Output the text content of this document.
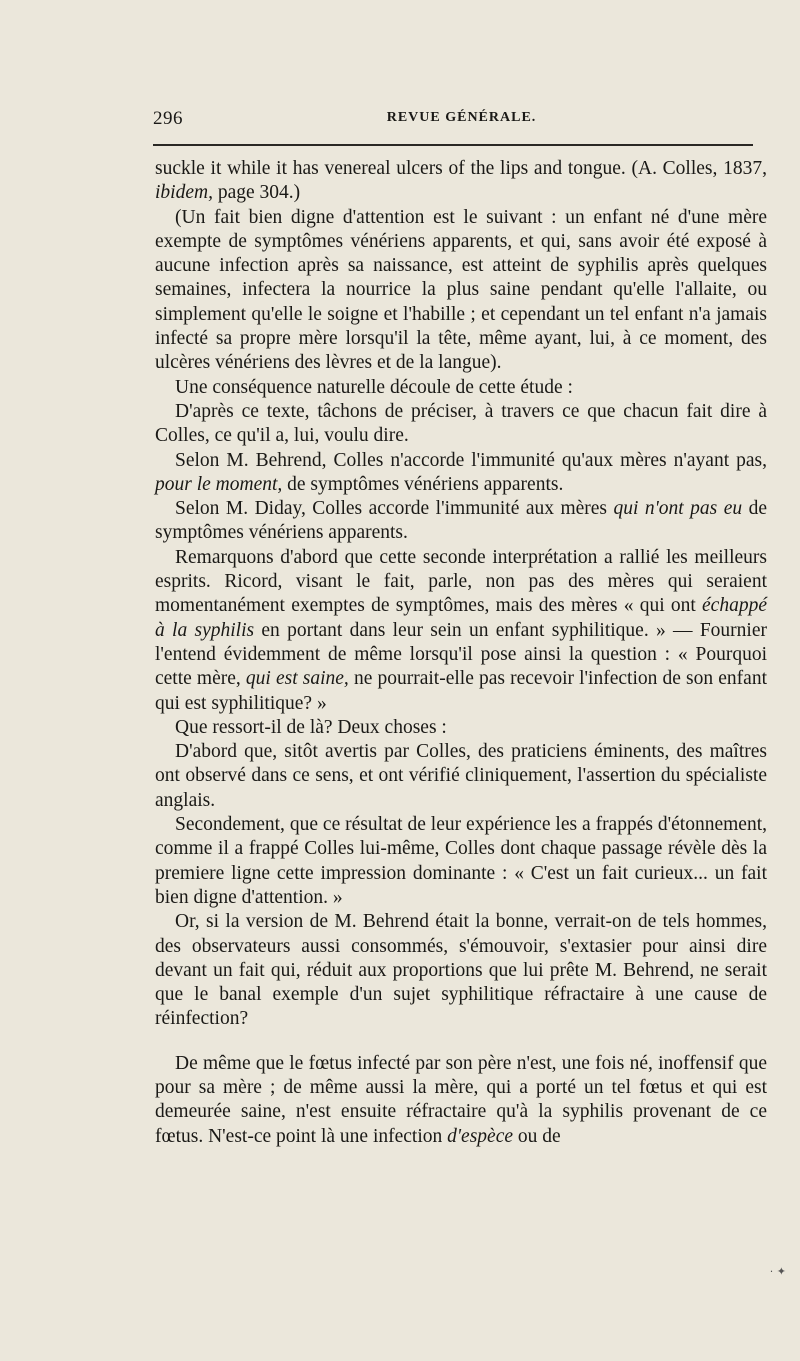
296	REVUE GÉNÉRALE.

suckle it while it has venereal ulcers of the lips and tongue. (A. Colles, 1837, ibidem, page 304.)

(Un fait bien digne d'attention est le suivant : un enfant né d'une mère exempte de symptômes vénériens apparents, et qui, sans avoir été exposé à aucune infection après sa naissance, est atteint de syphilis après quelques semaines, infectera la nourrice la plus saine pendant qu'elle l'allaite, ou simplement qu'elle le soigne et l'habille ; et cependant un tel enfant n'a jamais infecté sa propre mère lorsqu'il la tête, même ayant, lui, à ce moment, des ulcères vénériens des lèvres et de la langue).

Une conséquence naturelle découle de cette étude :

D'après ce texte, tâchons de préciser, à travers ce que chacun fait dire à Colles, ce qu'il a, lui, voulu dire.

Selon M. Behrend, Colles n'accorde l'immunité qu'aux mères n'ayant pas, pour le moment, de symptômes vénériens apparents.

Selon M. Diday, Colles accorde l'immunité aux mères qui n'ont pas eu de symptômes vénériens apparents.

Remarquons d'abord que cette seconde interprétation a rallié les meilleurs esprits. Ricord, visant le fait, parle, non pas des mères qui seraient momentanément exemptes de symptômes, mais des mères « qui ont échappé à la syphilis en portant dans leur sein un enfant syphilitique. » — Fournier l'entend évidemment de même lorsqu'il pose ainsi la question : « Pourquoi cette mère, qui est saine, ne pourrait-elle pas recevoir l'infection de son enfant qui est syphilitique? »

Que ressort-il de là? Deux choses :

D'abord que, sitôt avertis par Colles, des praticiens éminents, des maîtres ont observé dans ce sens, et ont vérifié cliniquement, l'assertion du spécialiste anglais.

Secondement, que ce résultat de leur expérience les a frappés d'étonnement, comme il a frappé Colles lui-même, Colles dont chaque passage révèle dès la premiere ligne cette impression dominante : « C'est un fait curieux... un fait bien digne d'attention. »

Or, si la version de M. Behrend était la bonne, verrait-on de tels hommes, des observateurs aussi consommés, s'émouvoir, s'extasier pour ainsi dire devant un fait qui, réduit aux proportions que lui prête M. Behrend, ne serait que le banal exemple d'un sujet syphilitique réfractaire à une cause de réinfection?

De même que le fœtus infecté par son père n'est, une fois né, inoffensif que pour sa mère ; de même aussi la mère, qui a porté un tel fœtus et qui est demeurée saine, n'est ensuite réfractaire qu'à la syphilis provenant de ce fœtus. N'est-ce point là une infection d'espèce ou de

· ✦
